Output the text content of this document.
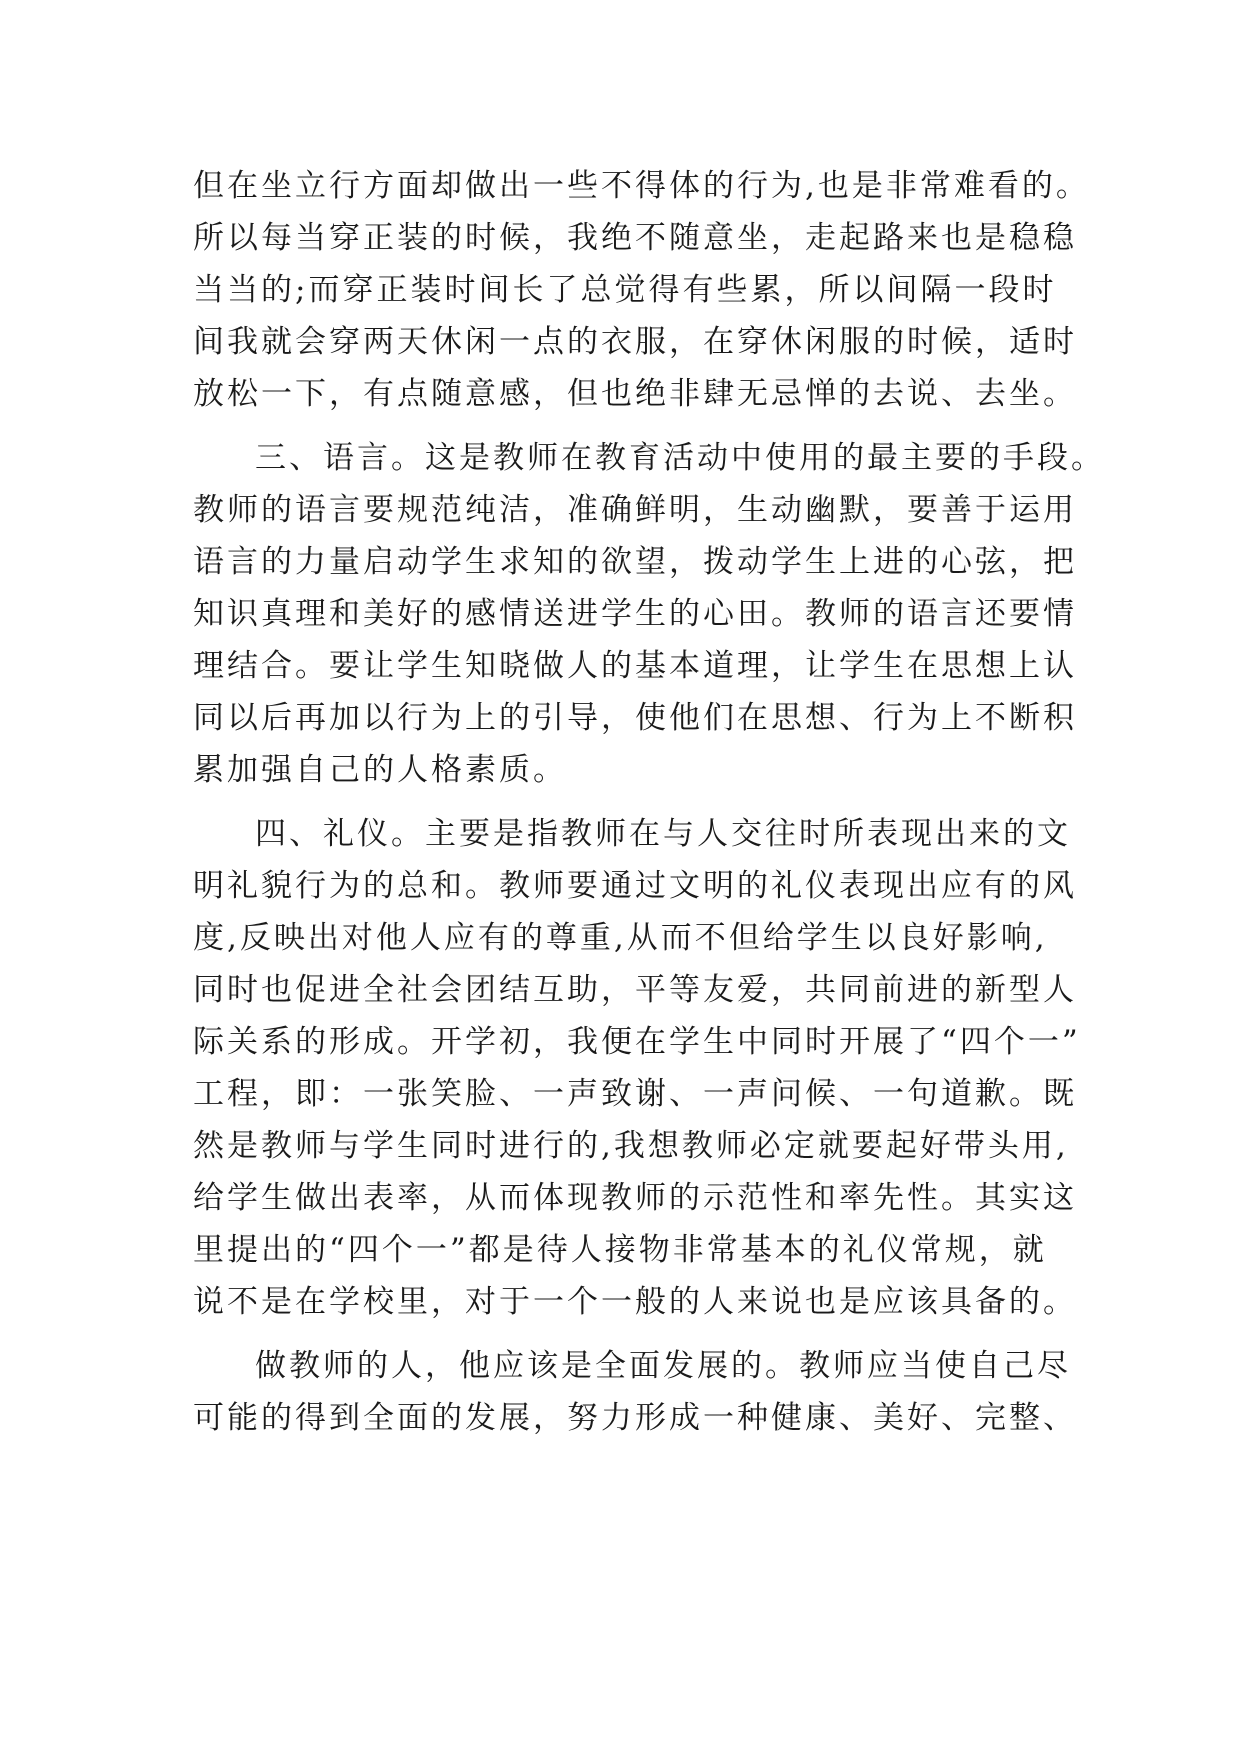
但在坐立行方面却做出一些不得体的行为,也是非常难看的。
所以每当穿正装的时候，我绝不随意坐，走起路来也是稳稳
当当的;而穿正装时间长了总觉得有些累，所以间隔一段时
间我就会穿两天休闲一点的衣服，在穿休闲服的时候，适时
放松一下，有点随意感，但也绝非肆无忌惮的去说、去坐。
三、语言。这是教师在教育活动中使用的最主要的手段。
教师的语言要规范纯洁，准确鲜明，生动幽默，要善于运用
语言的力量启动学生求知的欲望，拨动学生上进的心弦，把
知识真理和美好的感情送进学生的心田。教师的语言还要情
理结合。要让学生知晓做人的基本道理，让学生在思想上认
同以后再加以行为上的引导，使他们在思想、行为上不断积
累加强自己的人格素质。
四、礼仪。主要是指教师在与人交往时所表现出来的文
明礼貌行为的总和。教师要通过文明的礼仪表现出应有的风
度,反映出对他人应有的尊重,从而不但给学生以良好影响,
同时也促进全社会团结互助，平等友爱，共同前进的新型人
际关系的形成。开学初，我便在学生中同时开展了“四个一”
工程，即：一张笑脸、一声致谢、一声问候、一句道歉。既
然是教师与学生同时进行的,我想教师必定就要起好带头用,
给学生做出表率，从而体现教师的示范性和率先性。其实这
里提出的“四个一”都是待人接物非常基本的礼仪常规，就
说不是在学校里，对于一个一般的人来说也是应该具备的。
做教师的人，他应该是全面发展的。教师应当使自己尽
可能的得到全面的发展，努力形成一种健康、美好、完整、
